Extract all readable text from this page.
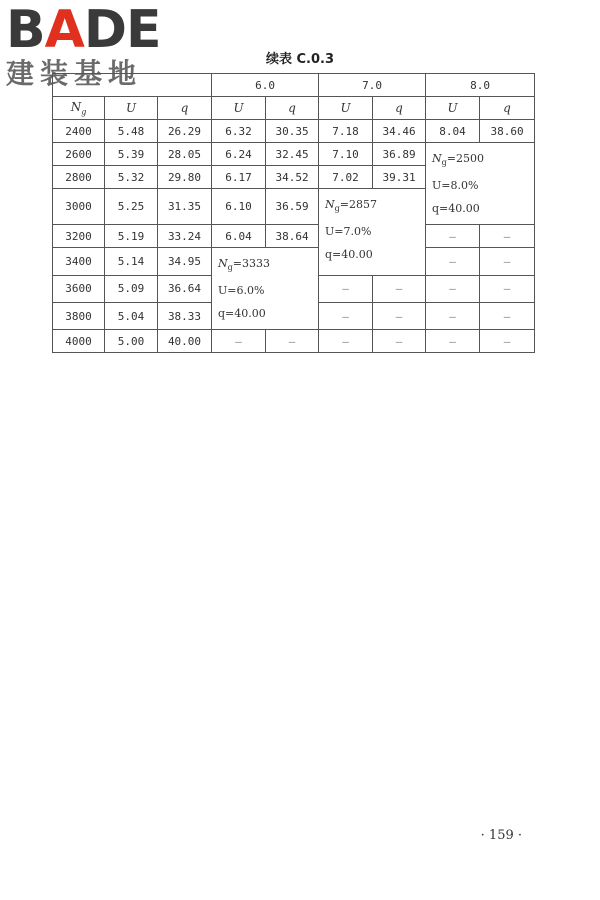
B A DE
建装基地	续表 C.0.3
			6.0		7.0		8.0	
$N_g$	U	q	U	q	U	q	U	q
2400	5.48	26.29	6.32	30.35	7.18	34.46	8.04	38.60
2600	5.39	28.05	6.24	32.45	7.10	36.89	$N_g=2500$
U=8.0%
q=40.00	

2800	5.32	29.80	6.17	34.52	7.02	39.31		
3000	5.25	31.35	6.10	36.59	$N_g=2857$
U=7.0%
q=40.00			

3200	5.19	33.24	6.04	38.64			—	—
3400	5.14	34.95	$N_g=3333$
U=6.0%
q=40.00				—	—
3600	5.09	36.64			—	—	—	—
3800	5.04	38.33			—	—	—	—
4000	5.00	40.00	—	—	—	—	—	—
· 159 ·
